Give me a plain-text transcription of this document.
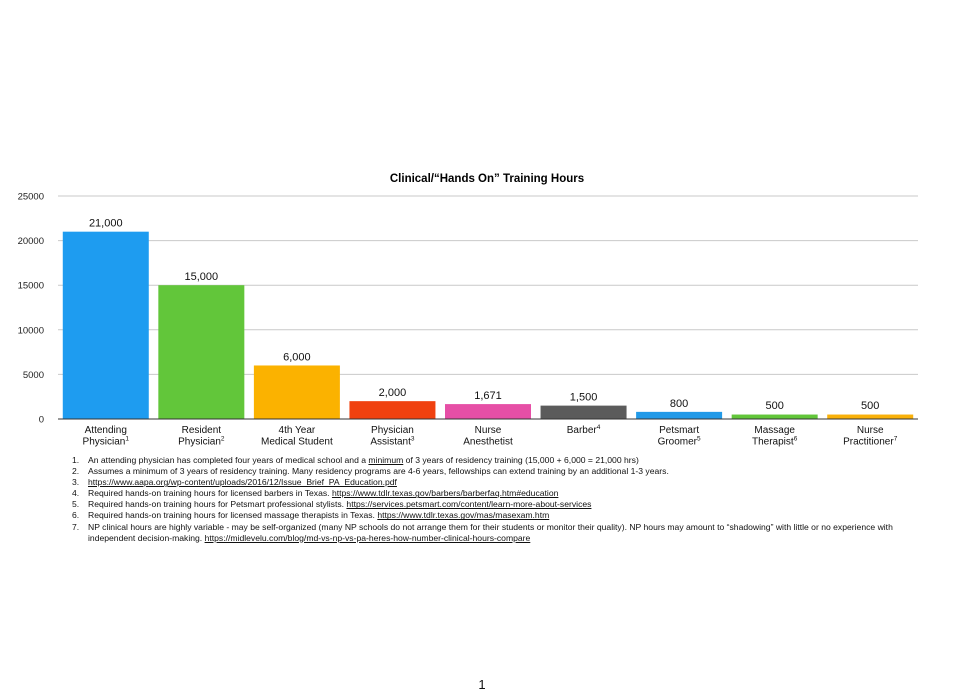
Clinical/“Hands On” Training Hours
0
5000
10000
15000
20000
25000
21,000
15,000
6,000
2,000	1,671	1,500
800	500	500
Attending
Physician$^1$
Resident
Physician$^2$
4th Year
Medical Student
Physician
Assistant$^3$
Nurse
Anesthetist
Barber$^4$	Petsmart
Groomer$^5$
Massage
Therapist$^6$
Nurse
Practitioner$^7$
1. An attending physician has completed four years of medical school and a minimum of 3 years of residency training (15,000 + 6,000 = 21,000 hrs)
2. Assumes a minimum of 3 years of residency training. Many residency programs are 4-6 years, fellowships can extend training by an additional 1-3 years.
3. https://www.aapa.org/wp-content/uploads/2016/12/Issue_Brief_PA_Education.pdf
4. Required hands-on training hours for licensed barbers in Texas. https://www.tdlr.texas.gov/barbers/barberfaq.htm#education
5. Required hands-on training hours for Petsmart professional stylists. https://services.petsmart.com/content/learn-more-about-services
6. Required hands-on training hours for licensed massage therapists in Texas. https://www.tdlr.texas.gov/mas/masexam.htm
7. NP clinical hours are highly variable - may be self-organized (many NP schools do not arrange them for their students or monitor their quality). NP hours may amount to “shadowing” with little or no experience with independent decision-making. https://midlevelu.com/blog/md-vs-np-vs-pa-heres-how-number-clinical-hours-compare
1
